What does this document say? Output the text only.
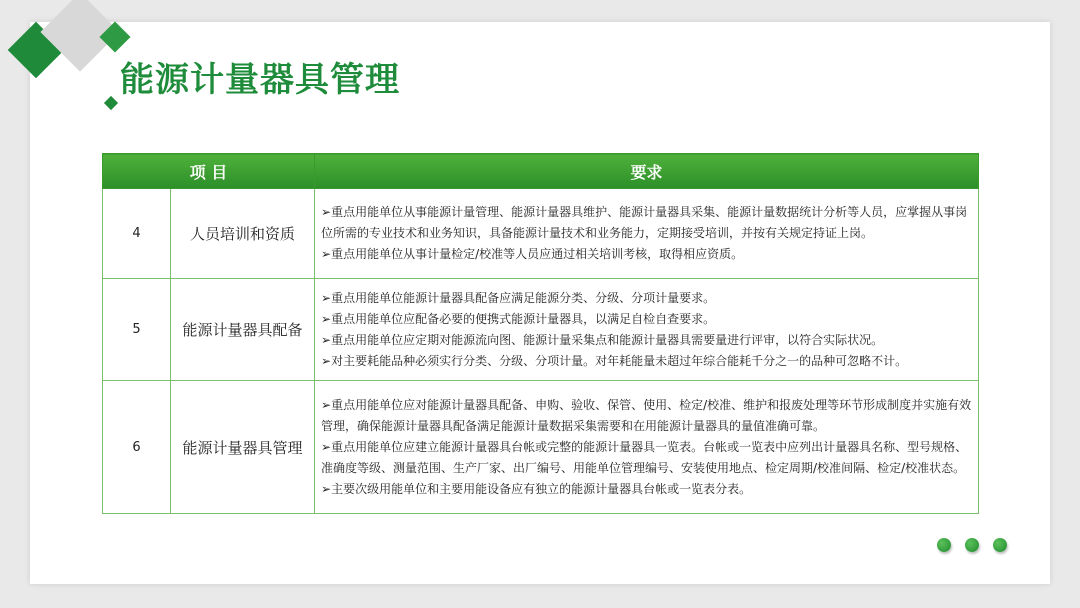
能源计量器具管理
项 目		要求
4	人员培训和资质	➢重点用能单位从事能源计量管理、能源计量器具维护、能源计量器具采集、能源计量数据统计分析等人员，应掌握从事岗位所需的专业技术和业务知识，具备能源计量技术和业务能力，定期接受培训，并按有关规定持证上岗。

➢重点用能单位从事计量检定/校准等人员应通过相关培训考核，取得相应资质。

5	能源计量器具配备	➢重点用能单位能源计量器具配备应满足能源分类、分级、分项计量要求。

➢重点用能单位应配备必要的便携式能源计量器具，以满足自检自查要求。

➢重点用能单位应定期对能源流向图、能源计量采集点和能源计量器具需要量进行评审，以符合实际状况。

➢对主要耗能品种必须实行分类、分级、分项计量。对年耗能量未超过年综合能耗千分之一的品种可忽略不计。

6	能源计量器具管理	➢重点用能单位应对能源计量器具配备、申购、验收、保管、使用、检定/校准、维护和报废处理等环节形成制度并实施有效管理，确保能源计量器具配备满足能源计量数据采集需要和在用能源计量器具的量值准确可靠。

➢重点用能单位应建立能源计量器具台帐或完整的能源计量器具一览表。台帐或一览表中应列出计量器具名称、型号规格、准确度等级、测量范围、生产厂家、出厂编号、用能单位管理编号、安装使用地点、检定周期/校准间隔、检定/校准状态。

➢主要次级用能单位和主要用能设备应有独立的能源计量器具台帐或一览表分表。
